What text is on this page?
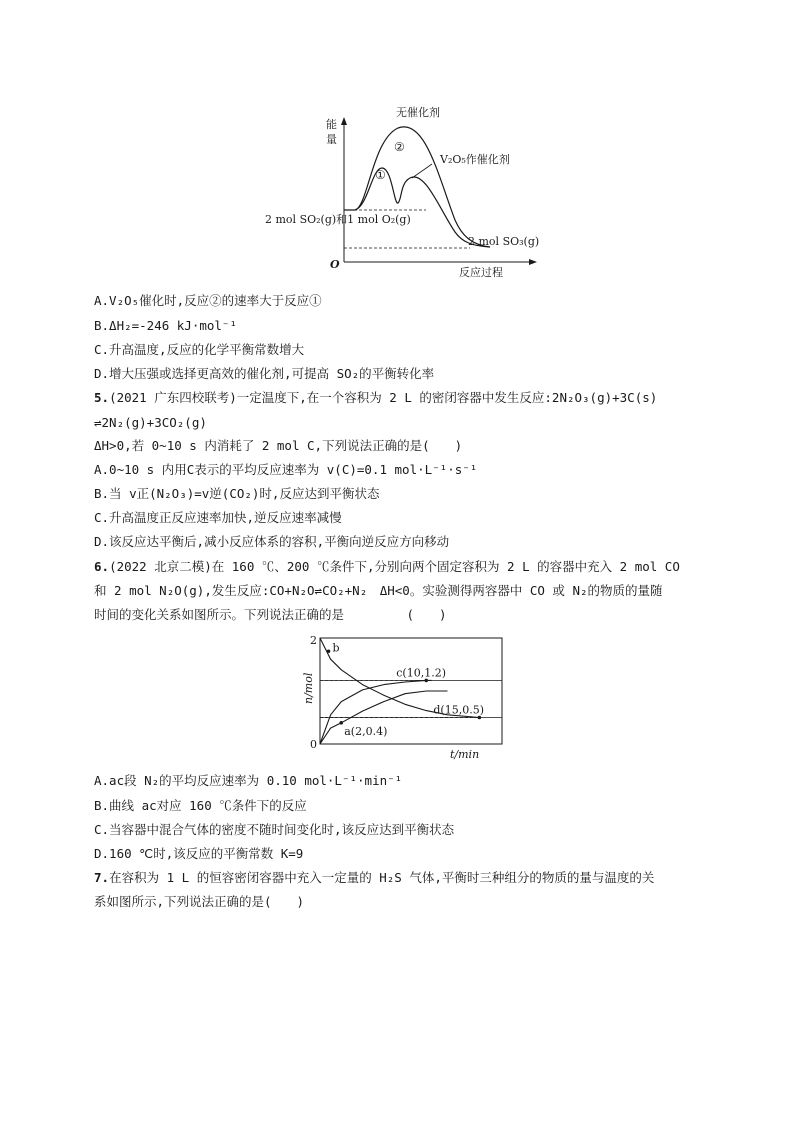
能
量
无催化剂
②
①
V₂O₅作催化剂
2 mol SO₂(g)和1 mol O₂(g)
2 mol SO₃(g)
O
反应过程
A.V₂O₅催化时,反应②的速率大于反应①
B.ΔH₂=-246 kJ·mol⁻¹
C.升高温度,反应的化学平衡常数增大
D.增大压强或选择更高效的催化剂,可提高 SO₂的平衡转化率
5.(2021 广东四校联考)一定温度下,在一个容积为 2 L 的密闭容器中发生反应:2N₂O₃(g)+3C(s)
⇌2N₂(g)+3CO₂(g)
ΔH>0,若 0~10 s 内消耗了 2 mol C,下列说法正确的是(　　)
A.0~10 s 内用C表示的平均反应速率为 v(C)=0.1 mol·L⁻¹·s⁻¹
B.当 v正(N₂O₃)=v逆(CO₂)时,反应达到平衡状态
C.升高温度正反应速率加快,逆反应速率减慢
D.该反应达平衡后,减小反应体系的容积,平衡向逆反应方向移动
6.(2022 北京二模)在 160 ℃、200 ℃条件下,分别向两个固定容积为 2 L 的容器中充入 2 mol CO
和 2 mol N₂O(g),发生反应:CO+N₂O⇌CO₂+N₂　ΔH<0。实验测得两容器中 CO 或 N₂的物质的量随
时间的变化关系如图所示。下列说法正确的是　　　　　(　　)
b
c(10,1.2)
d(15,0.5)
a(2,0.4)
0
2
n/mol
t/min
A.ac段 N₂的平均反应速率为 0.10 mol·L⁻¹·min⁻¹
B.曲线 ac对应 160 ℃条件下的反应
C.当容器中混合气体的密度不随时间变化时,该反应达到平衡状态
D.160 ℃时,该反应的平衡常数 K=9
7.在容积为 1 L 的恒容密闭容器中充入一定量的 H₂S 气体,平衡时三种组分的物质的量与温度的关
系如图所示,下列说法正确的是(　　)
